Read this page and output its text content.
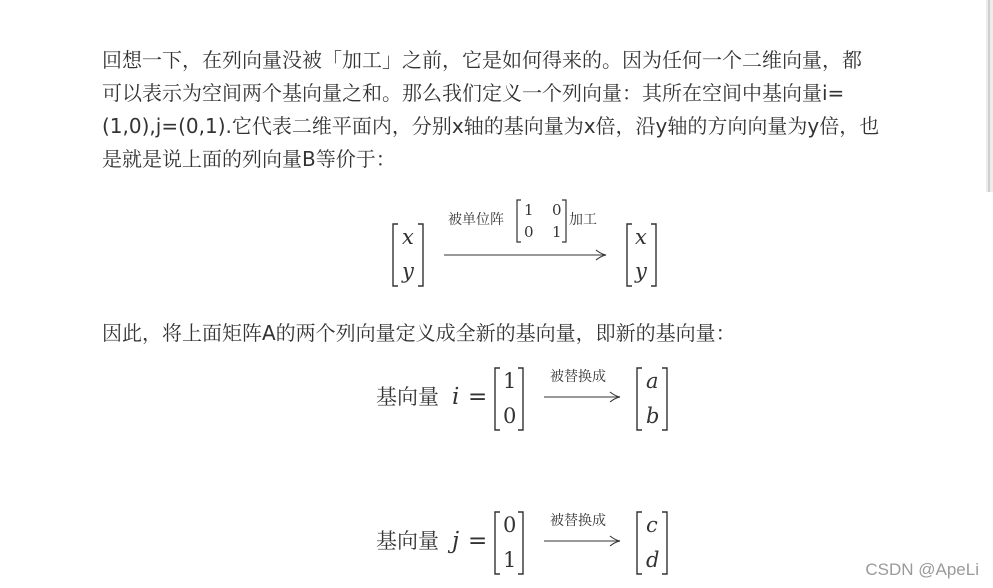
回想一下，在列向量没被「加工」之前，它是如何得来的。因为任何一个二维向量，都
可以表示为空间两个基向量之和。那么我们定义一个列向量：其所在空间中基向量i=
(1,0),j=(0,1).它代表二维平面内，分别x轴的基向量为x倍，沿y轴的方向向量为y倍，也
是就是说上面的列向量B等价于：
x
y
被单位阵
1 0
0 1
加工
x
y
因此，将上面矩阵A的两个列向量定义成全新的基向量，即新的基向量：
基向量 i =
1
0
被替换成 a
b
基向量 j =
0
1
被替换成 c
d	CSDN @ApeLi
